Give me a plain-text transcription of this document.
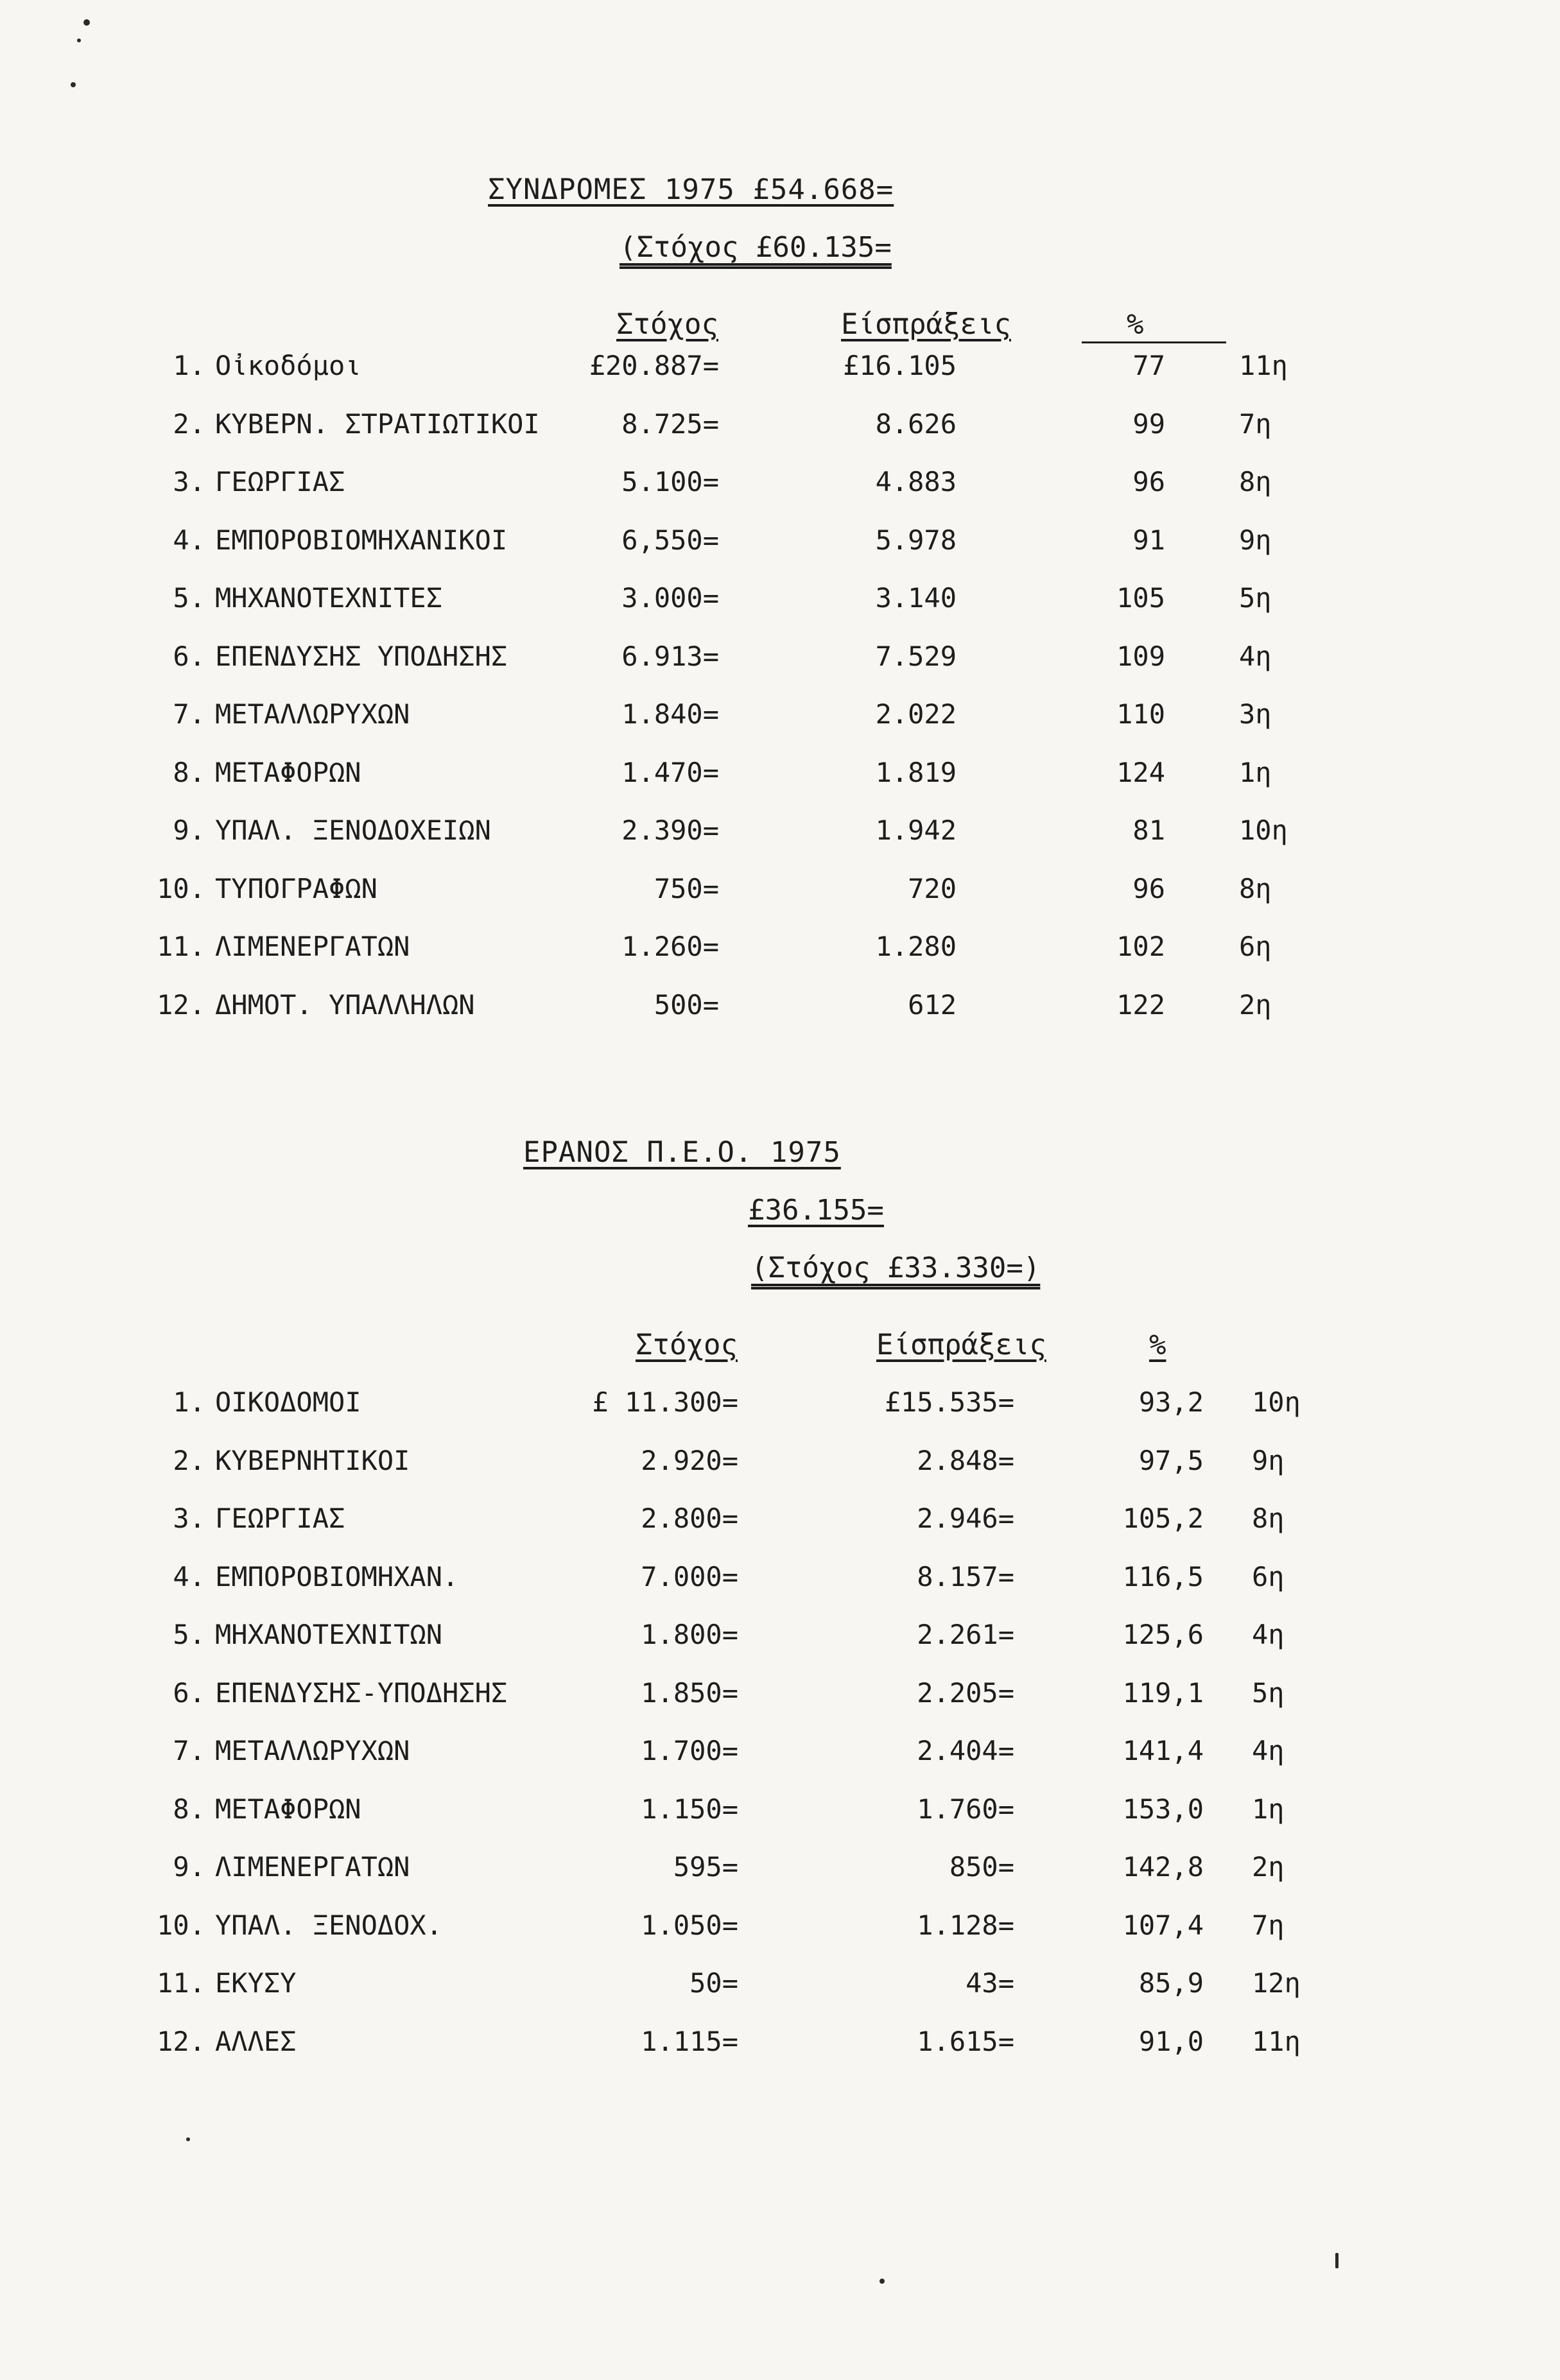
ΣΥΝΔΡΟΜΕΣ 1975 £54.668=
(Στόχος £60.135=
Στόχος	Είσπράξεις	%
1. Οἰκοδόμοι	£20.887=	£16.105	77	11η
2. ΚΥΒΕΡΝ. ΣΤΡΑΤΙΩΤΙΚΟΙ	8.725=	8.626	99	7η
3. ΓΕΩΡΓΙΑΣ	5.100=	4.883	96	8η
4. ΕΜΠΟΡΟΒΙΟΜΗΧΑΝΙΚΟΙ	6,550=	5.978	91	9η
5. ΜΗΧΑΝΟΤΕΧΝΙΤΕΣ	3.000=	3.140	105	5η
6. ΕΠΕΝΔΥΣΗΣ ΥΠΟΔΗΣΗΣ	6.913=	7.529	109	4η
7. ΜΕΤΑΛΛΩΡΥΧΩΝ	1.840=	2.022	110	3η
8. ΜΕΤΑΦΟΡΩΝ	1.470=	1.819	124	1η
9. ΥΠΑΛ. ΞΕΝΟΔΟΧΕΙΩΝ	2.390=	1.942	81	10η
10. ΤΥΠΟΓΡΑΦΩΝ	750=	720	96	8η
11. ΛΙΜΕΝΕΡΓΑΤΩΝ	1.260=	1.280	102	6η
12. ΔΗΜΟΤ. ΥΠΑΛΛΗΛΩΝ	500=	612	122	2η
ΕΡΑΝΟΣ Π.Ε.Ο. 1975
£36.155=
(Στόχος £33.330=)
Στόχος	Είσπράξεις	%
1. ΟΙΚΟΔΟΜΟΙ	£ 11.300=	£15.535=	93,2 10η
2. ΚΥΒΕΡΝΗΤΙΚΟΙ	2.920=	2.848=	97,5 9η
3. ΓΕΩΡΓΙΑΣ	2.800=	2.946=	105,2 8η
4. ΕΜΠΟΡΟΒΙΟΜΗΧΑΝ.	7.000=	8.157=	116,5 6η
5. ΜΗΧΑΝΟΤΕΧΝΙΤΩΝ	1.800=	2.261=	125,6 4η
6. ΕΠΕΝΔΥΣΗΣ-ΥΠΟΔΗΣΗΣ	1.850=	2.205=	119,1 5η
7. ΜΕΤΑΛΛΩΡΥΧΩΝ	1.700=	2.404=	141,4 4η
8. ΜΕΤΑΦΟΡΩΝ	1.150=	1.760=	153,0 1η
9. ΛΙΜΕΝΕΡΓΑΤΩΝ	595=	850=	142,8 2η
10. ΥΠΑΛ. ΞΕΝΟΔΟΧ.	1.050=	1.128=	107,4 7η
11. ΕΚΥΣΥ	50=	43=	85,9 12η
12. ΑΛΛΕΣ	1.115=	1.615=	91,0 11η
